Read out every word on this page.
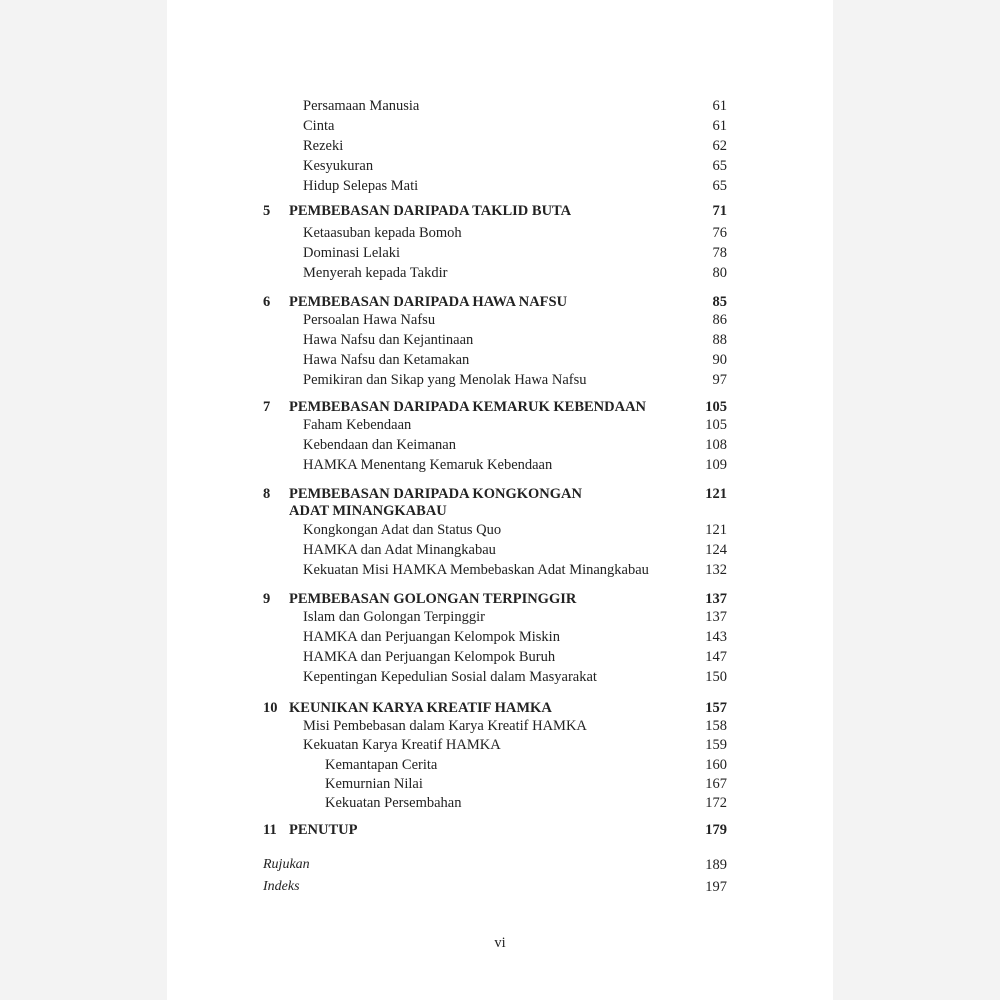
Persamaan Manusia	61
Cinta	61
Rezeki	62
Kesyukuran	65
Hidup Selepas Mati	65
5 PEMBEBASAN DARIPADA TAKLID BUTA	71
Ketaasuban kepada Bomoh	76
Dominasi Lelaki	78
Menyerah kepada Takdir	80
6 PEMBEBASAN DARIPADA HAWA NAFSU	85
Persoalan Hawa Nafsu	86
Hawa Nafsu dan Kejantinaan	88
Hawa Nafsu dan Ketamakan	90
Pemikiran dan Sikap yang Menolak Hawa Nafsu	97
7 PEMBEBASAN DARIPADA KEMARUK KEBENDAAN	105
Faham Kebendaan	105
Kebendaan dan Keimanan	108
HAMKA Menentang Kemaruk Kebendaan	109
8 PEMBEBASAN DARIPADA KONGKONGAN	121
ADAT MINANGKABAU
Kongkongan Adat dan Status Quo	121
HAMKA dan Adat Minangkabau	124
Kekuatan Misi HAMKA Membebaskan Adat Minangkabau	132
9 PEMBEBASAN GOLONGAN TERPINGGIR	137
Islam dan Golongan Terpinggir	137
HAMKA dan Perjuangan Kelompok Miskin	143
HAMKA dan Perjuangan Kelompok Buruh	147
Kepentingan Kepedulian Sosial dalam Masyarakat	150
10 KEUNIKAN KARYA KREATIF HAMKA	157
Misi Pembebasan dalam Karya Kreatif HAMKA	158
Kekuatan Karya Kreatif HAMKA	159
Kemantapan Cerita	160
Kemurnian Nilai	167
Kekuatan Persembahan	172
11 PENUTUP	179
Rujukan	189
Indeks	197
vi
